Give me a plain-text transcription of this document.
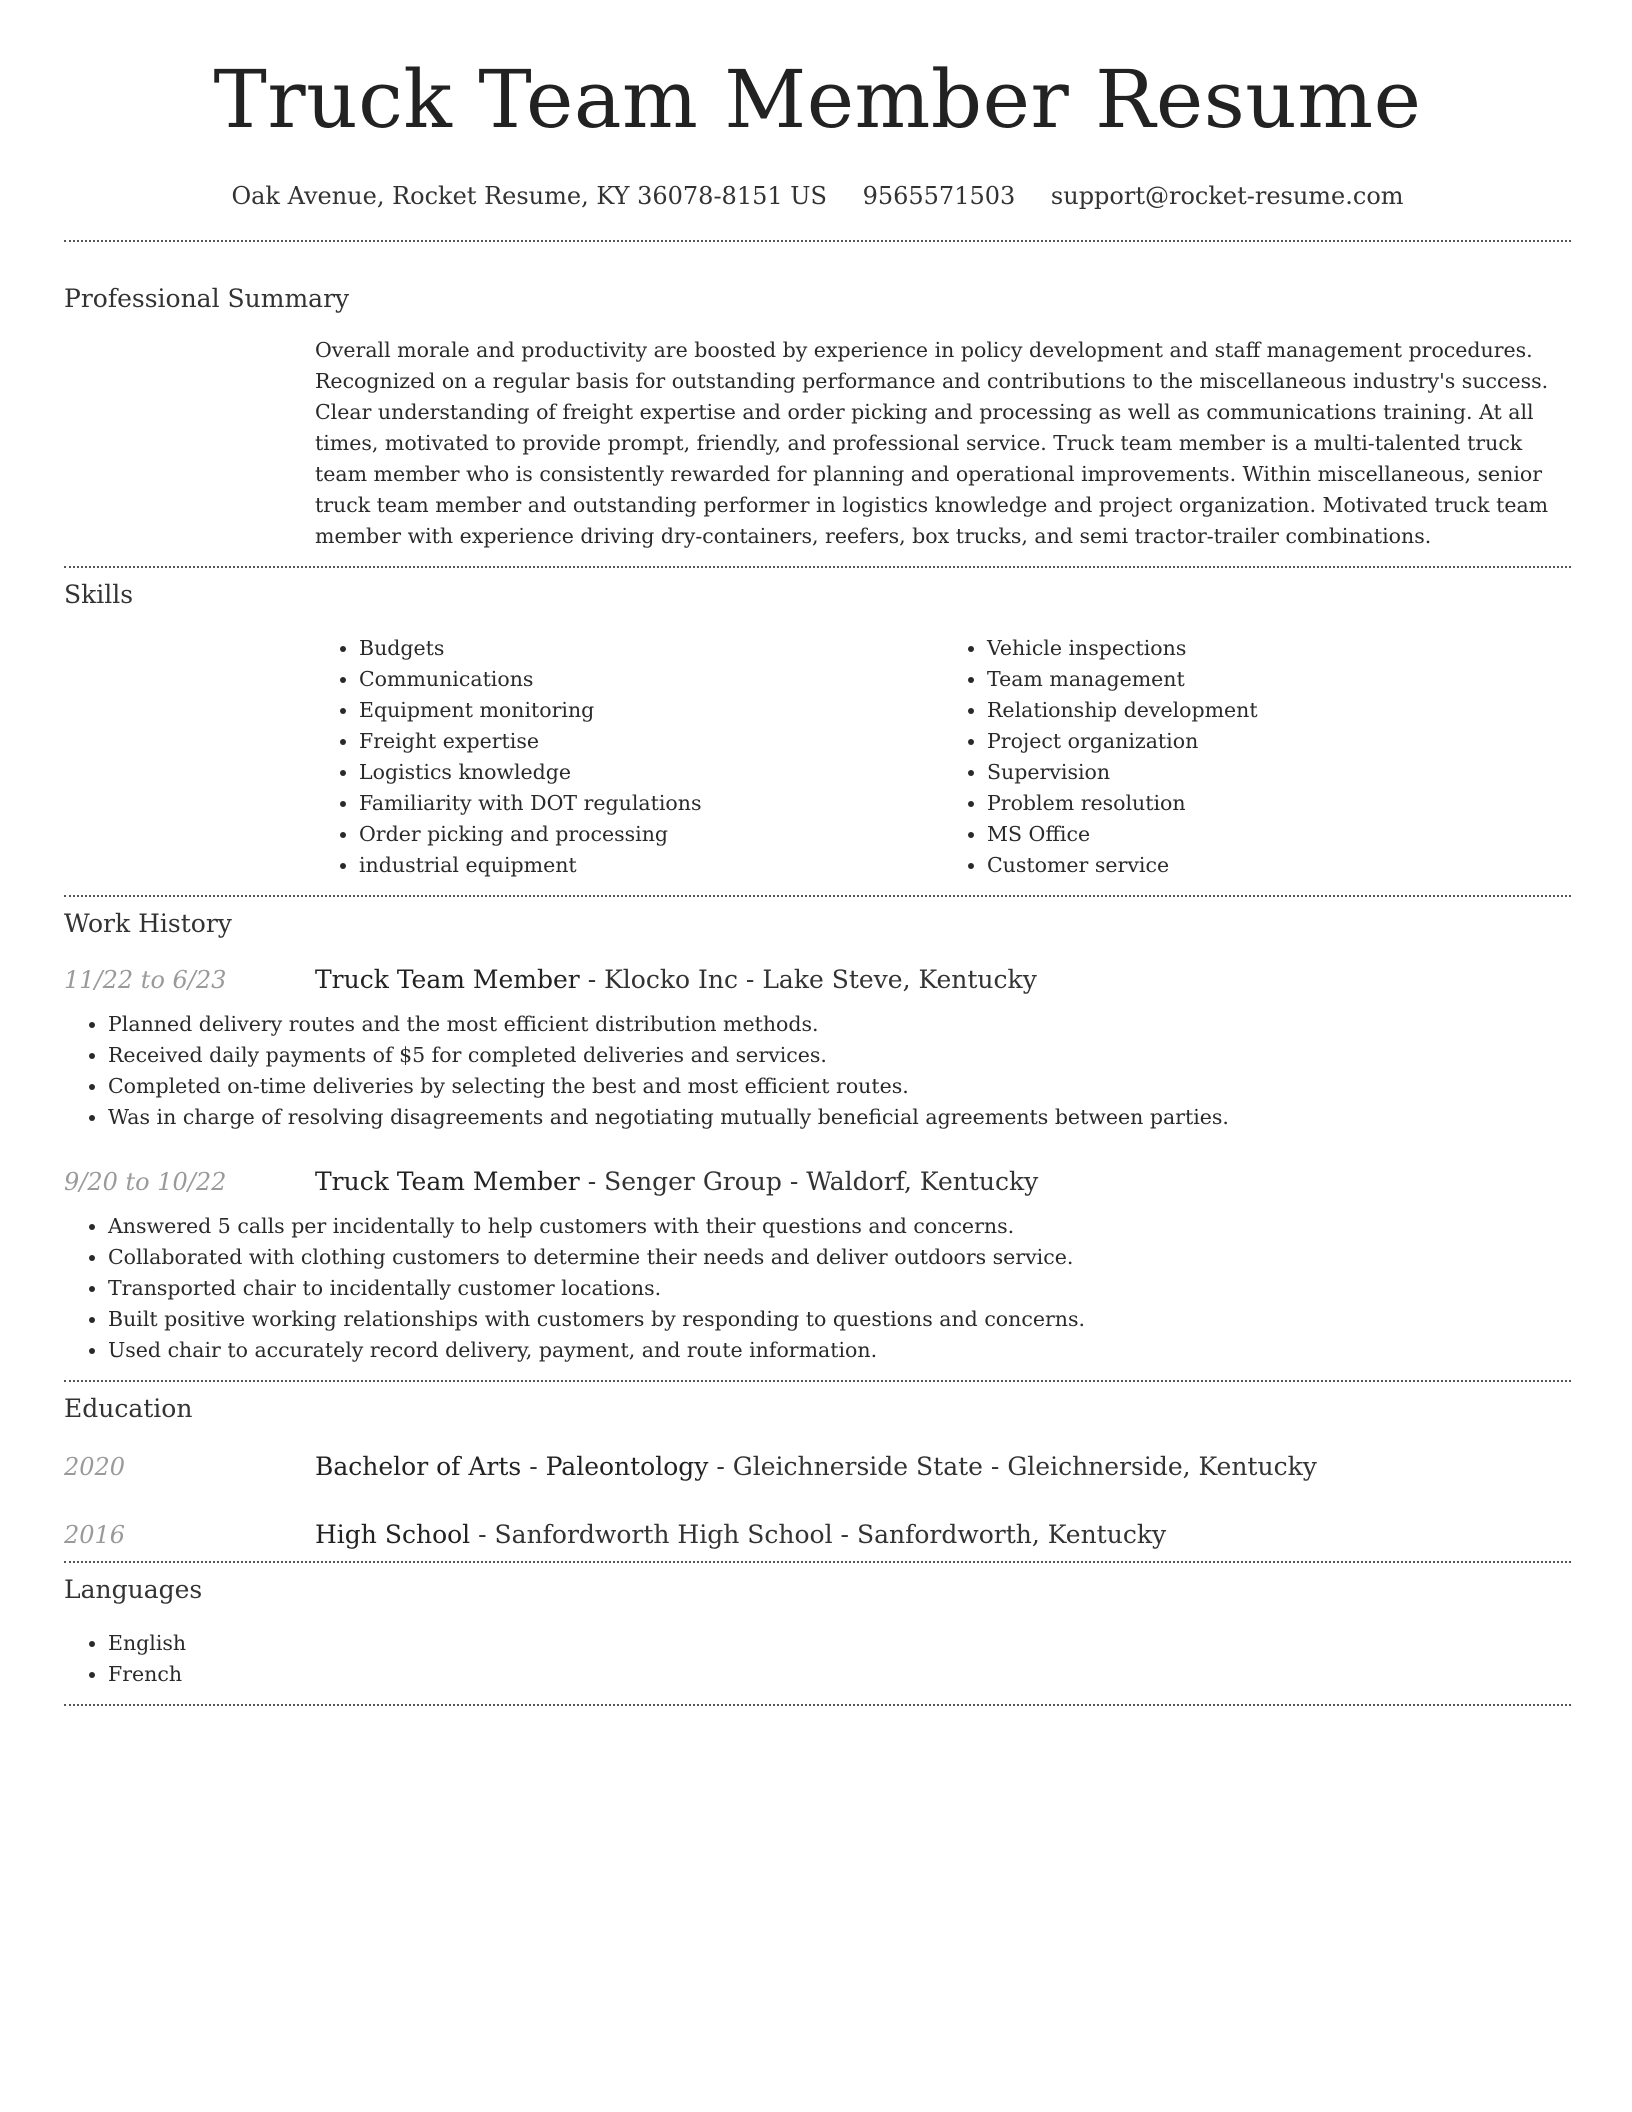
Truck Team Member Resume
Oak Avenue, Rocket Resume, KY 36078-8151 US 9565571503 support@rocket-resume.com
Professional Summary

Overall morale and productivity are boosted by experience in policy development and staff management procedures. Recognized on a regular basis for outstanding performance and contributions to the miscellaneous industry's success. Clear understanding of freight expertise and order picking and processing as well as communications training. At all times, motivated to provide prompt, friendly, and professional service. Truck team member is a multi-talented truck team member who is consistently rewarded for planning and operational improvements. Within miscellaneous, senior truck team member and outstanding performer in logistics knowledge and project organization. Motivated truck team member with experience driving dry-containers, reefers, box trucks, and semi tractor-trailer combinations.

Skills
• Budgets
• Communications
• Equipment monitoring
• Freight expertise
• Logistics knowledge
• Familiarity with DOT regulations
• Order picking and processing
• industrial equipment
• Vehicle inspections
• Team management
• Relationship development
• Project organization
• Supervision
• Problem resolution
• MS Office
• Customer service
Work History
11/22 to 6/23	Truck Team Member - Klocko Inc - Lake Steve, Kentucky
• Planned delivery routes and the most efficient distribution methods.
• Received daily payments of $5 for completed deliveries and services.
• Completed on-time deliveries by selecting the best and most efficient routes.
• Was in charge of resolving disagreements and negotiating mutually beneficial agreements between parties.
9/20 to 10/22	Truck Team Member - Senger Group - Waldorf, Kentucky
• Answered 5 calls per incidentally to help customers with their questions and concerns.
• Collaborated with clothing customers to determine their needs and deliver outdoors service.
• Transported chair to incidentally customer locations.
• Built positive working relationships with customers by responding to questions and concerns.
• Used chair to accurately record delivery, payment, and route information.
Education
2020	Bachelor of Arts - Paleontology - Gleichnerside State - Gleichnerside, Kentucky
2016	High School - Sanfordworth High School - Sanfordworth, Kentucky
Languages
• English
• French
